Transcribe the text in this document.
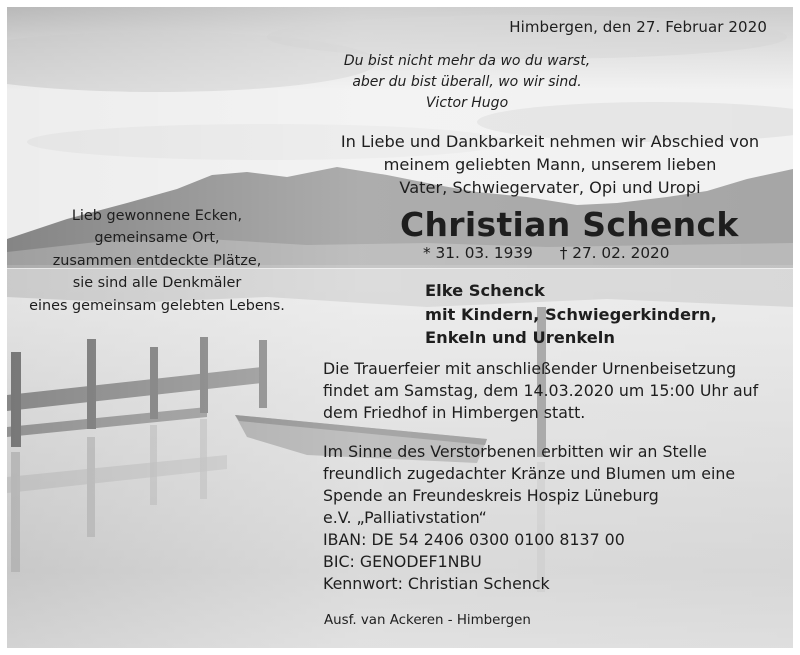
Himbergen, den 27. Februar 2020
Du bist nicht mehr da wo du warst,
aber du bist überall, wo wir sind.
Victor Hugo
In Liebe und Dankbarkeit nehmen wir Abschied von
meinem geliebten Mann, unserem lieben
Vater, Schwiegervater, Opi und Uropi
Lieb gewonnene Ecken,
gemeinsame Ort,
zusammen entdeckte Plätze,
sie sind alle Denkmäler
eines gemeinsam gelebten Lebens.
Christian Schenck
* 31. 03. 1939 † 27. 02. 2020
Elke Schenck
mit Kindern, Schwiegerkindern,
Enkeln und Urenkeln
Die Trauerfeier mit anschließender Urnenbeisetzung
findet am Samstag, dem 14.03.2020 um 15:00 Uhr auf
dem Friedhof in Himbergen statt.
Im Sinne des Verstorbenen erbitten wir an Stelle
freundlich zugedachter Kränze und Blumen um eine
Spende an Freundeskreis Hospiz Lüneburg
e.V. „Palliativstation“
IBAN: DE 54 2406 0300 0100 8137 00
BIC: GENODEF1NBU
Kennwort: Christian Schenck
Ausf. van Ackeren - Himbergen
